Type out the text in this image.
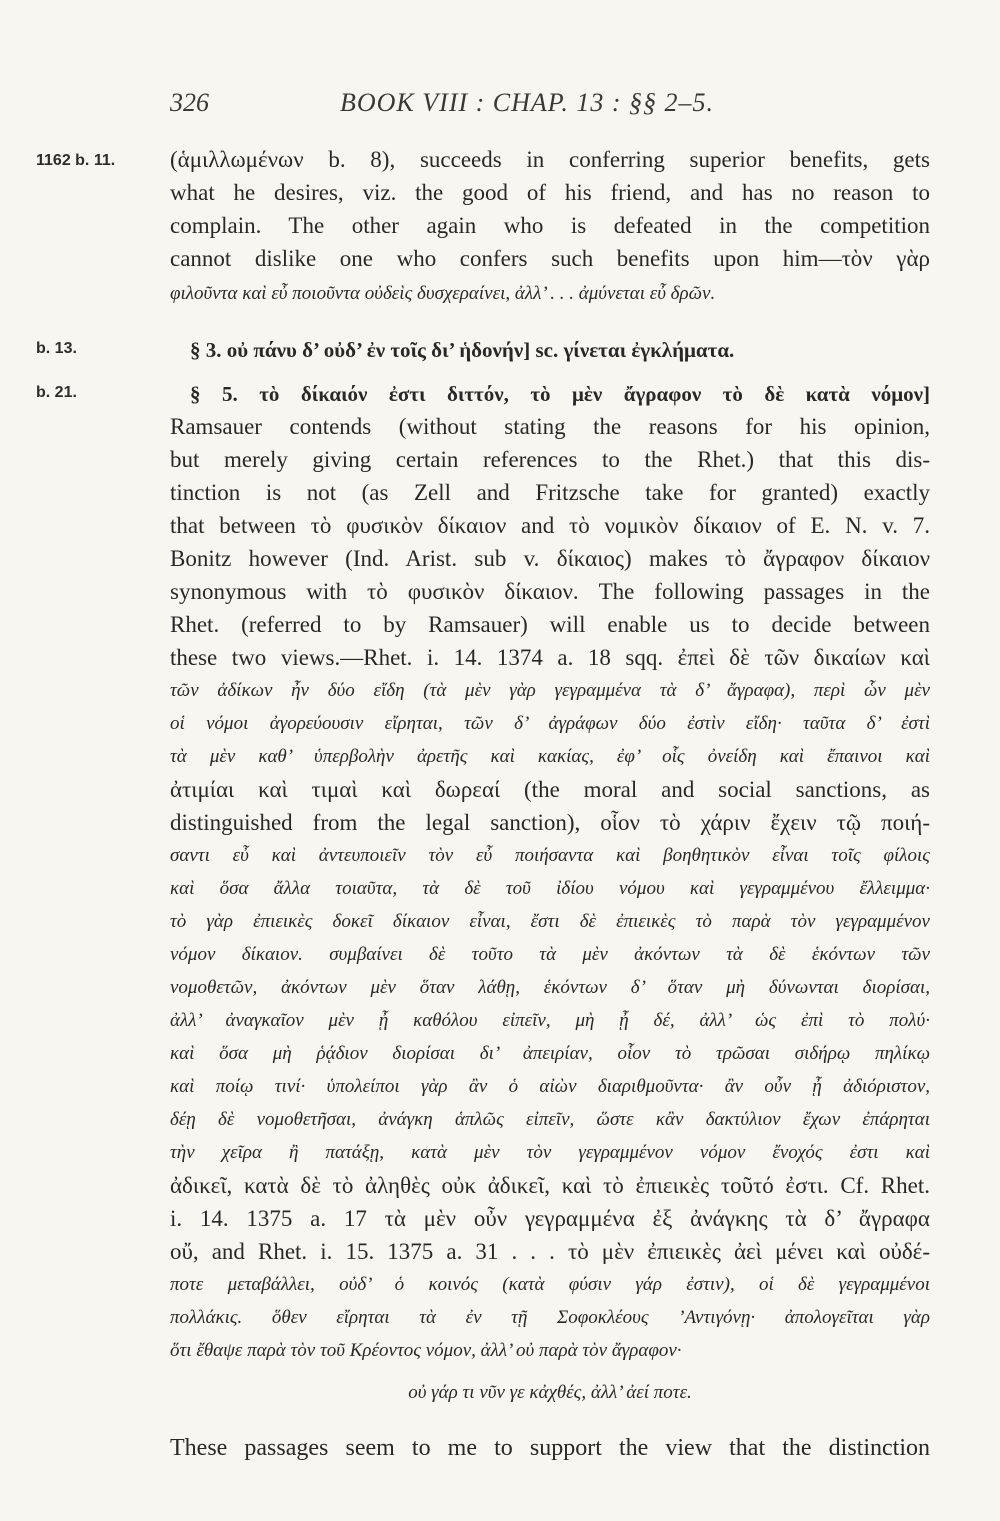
326	BOOK VIII : CHAP. 13 : §§ 2–5.
1162 b. 11.
b. 13.
b. 21.
(ἁμιλλωμένων b. 8), succeeds in conferring superior benefits, gets
what he desires, viz. the good of his friend, and has no reason to
complain. The other again who is defeated in the competition
cannot dislike one who confers such benefits upon him—τὸν γὰρ
φιλοῦντα καὶ εὖ ποιοῦντα οὐδεὶς δυσχεραίνει, ἀλλ’ . . . ἀμύνεται εὖ δρῶν.
§ 3. οὐ πάνυ δ’ οὐδ’ ἐν τοῖς δι’ ἡδονήν] sc. γίνεται ἐγκλήματα.
§ 5. τὸ δίκαιόν ἐστι διττόν, τὸ μὲν ἄγραφον τὸ δὲ κατὰ νόμον]
Ramsauer contends (without stating the reasons for his opinion,
but merely giving certain references to the Rhet.) that this dis-
tinction is not (as Zell and Fritzsche take for granted) exactly
that between τὸ φυσικὸν δίκαιον and τὸ νομικὸν δίκαιον of E. N. v. 7.
Bonitz however (Ind. Arist. sub v. δίκαιος) makes τὸ ἄγραφον δίκαιον
synonymous with τὸ φυσικὸν δίκαιον. The following passages in the
Rhet. (referred to by Ramsauer) will enable us to decide between
these two views.—Rhet. i. 14. 1374 a. 18 sqq. ἐπεὶ δὲ τῶν δικαίων καὶ
τῶν ἀδίκων ἦν δύο εἴδη (τὰ μὲν γὰρ γεγραμμένα τὰ δ’ ἄγραφα), περὶ ὧν μὲν
οἱ νόμοι ἀγορεύουσιν εἴρηται, τῶν δ’ ἀγράφων δύο ἐστὶν εἴδη· ταῦτα δ’ ἐστὶ
τὰ μὲν καθ’ ὑπερβολὴν ἀρετῆς καὶ κακίας, ἐφ’ οἷς ὀνείδη καὶ ἔπαινοι καὶ
ἀτιμίαι καὶ τιμαὶ καὶ δωρεαί (the moral and social sanctions, as
distinguished from the legal sanction), οἷον τὸ χάριν ἔχειν τῷ ποιή-
σαντι εὖ καὶ ἀντευποιεῖν τὸν εὖ ποιήσαντα καὶ βοηθητικὸν εἶναι τοῖς φίλοις
καὶ ὅσα ἄλλα τοιαῦτα, τὰ δὲ τοῦ ἰδίου νόμου καὶ γεγραμμένου ἔλλειμμα·
τὸ γὰρ ἐπιεικὲς δοκεῖ δίκαιον εἶναι, ἔστι δὲ ἐπιεικὲς τὸ παρὰ τὸν γεγραμμένον
νόμον δίκαιον. συμβαίνει δὲ τοῦτο τὰ μὲν ἀκόντων τὰ δὲ ἑκόντων τῶν
νομοθετῶν, ἀκόντων μὲν ὅταν λάθῃ, ἑκόντων δ’ ὅταν μὴ δύνωνται διορίσαι,
ἀλλ’ ἀναγκαῖον μὲν ᾖ καθόλου εἰπεῖν, μὴ ᾖ δέ, ἀλλ’ ὡς ἐπὶ τὸ πολύ·
καὶ ὅσα μὴ ῥᾴδιον διορίσαι δι’ ἀπειρίαν, οἷον τὸ τρῶσαι σιδήρῳ πηλίκῳ
καὶ ποίῳ τινί· ὑπολείποι γὰρ ἂν ὁ αἰὼν διαριθμοῦντα· ἂν οὖν ᾖ ἀδιόριστον,
δέῃ δὲ νομοθετῆσαι, ἀνάγκη ἁπλῶς εἰπεῖν, ὥστε κἂν δακτύλιον ἔχων ἐπάρηται
τὴν χεῖρα ἢ πατάξῃ, κατὰ μὲν τὸν γεγραμμένον νόμον ἔνοχός ἐστι καὶ
ἀδικεῖ, κατὰ δὲ τὸ ἀληθὲς οὐκ ἀδικεῖ, καὶ τὸ ἐπιεικὲς τοῦτό ἐστι. Cf. Rhet.
i. 14. 1375 a. 17 τὰ μὲν οὖν γεγραμμένα ἐξ ἀνάγκης τὰ δ’ ἄγραφα
οὔ, and Rhet. i. 15. 1375 a. 31 . . . τὸ μὲν ἐπιεικὲς ἀεὶ μένει καὶ οὐδέ-
ποτε μεταβάλλει, οὐδ’ ὁ κοινός (κατὰ φύσιν γάρ ἐστιν), οἱ δὲ γεγραμμένοι
πολλάκις. ὅθεν εἴρηται τὰ ἐν τῇ Σοφοκλέους ’Αντιγόνῃ· ἀπολογεῖται γὰρ
ὅτι ἔθαψε παρὰ τὸν τοῦ Κρέοντος νόμον, ἀλλ’ οὐ παρὰ τὸν ἄγραφον·
οὐ γάρ τι νῦν γε κἀχθές, ἀλλ’ ἀεί ποτε.
These passages seem to me to support the view that the distinction
